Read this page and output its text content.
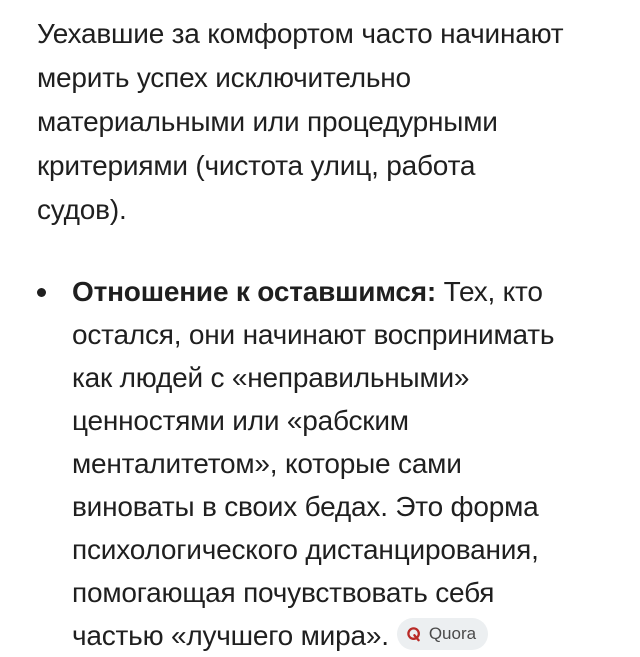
Уехавшие за комфортом часто начинают
мерить успех исключительно
материальными или процедурными
критериями (чистота улиц, работа
судов).

Отношение к оставшимся: Тех, кто
остался, они начинают воспринимать
как людей с «неправильными»
ценностями или «рабским
менталитетом», которые сами
виноваты в своих бедах. Это форма
психологического дистанцирования,
помогающая почувствовать себя
частью «лучшего мира». Quora
